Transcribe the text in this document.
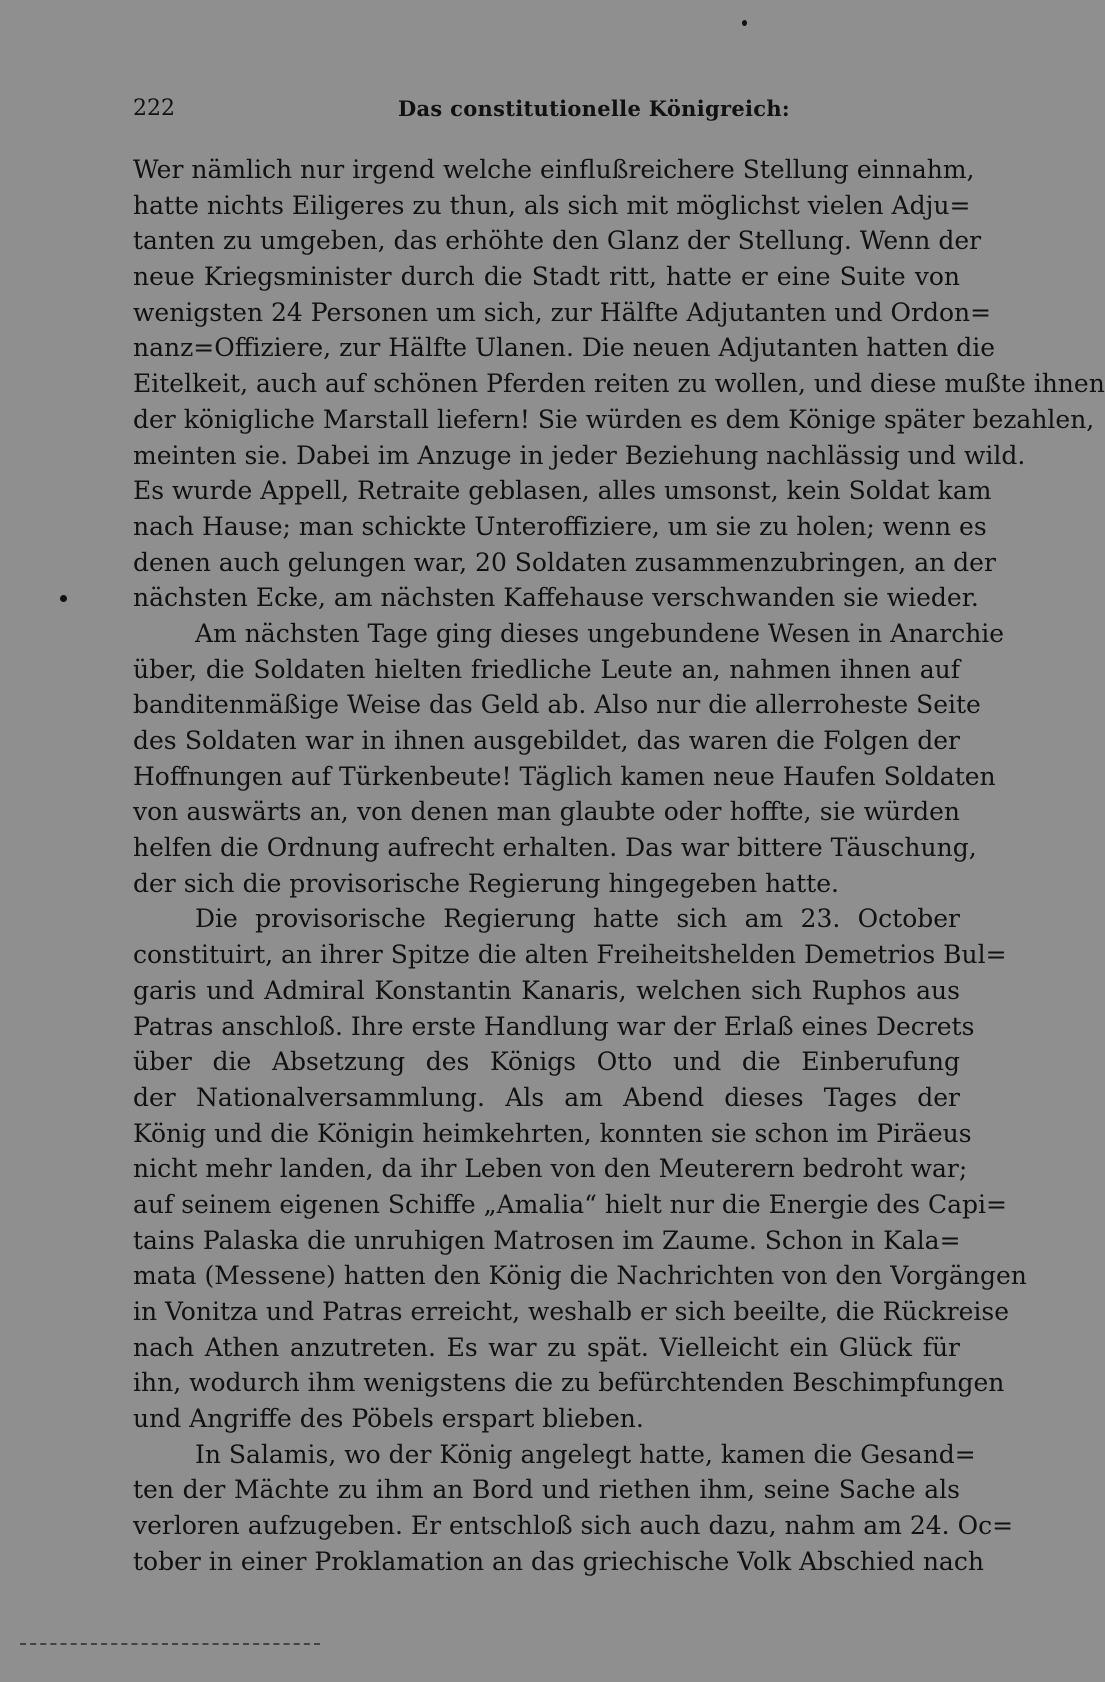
222	Das constitutionelle Königreich:
Wer nämlich nur irgend welche einflußreichere Stellung einnahm,
hatte nichts Eiligeres zu thun, als sich mit möglichst vielen Adju=
tanten zu umgeben, das erhöhte den Glanz der Stellung. Wenn der
neue Kriegsminister durch die Stadt ritt, hatte er eine Suite von
wenigsten 24 Personen um sich, zur Hälfte Adjutanten und Ordon=
nanz=Offiziere, zur Hälfte Ulanen. Die neuen Adjutanten hatten die
Eitelkeit, auch auf schönen Pferden reiten zu wollen, und diese mußte ihnen
der königliche Marstall liefern! Sie würden es dem Könige später bezahlen,
meinten sie. Dabei im Anzuge in jeder Beziehung nachlässig und wild.
Es wurde Appell, Retraite geblasen, alles umsonst, kein Soldat kam
nach Hause; man schickte Unteroffiziere, um sie zu holen; wenn es
denen auch gelungen war, 20 Soldaten zusammenzubringen, an der
nächsten Ecke, am nächsten Kaffehause verschwanden sie wieder.
Am nächsten Tage ging dieses ungebundene Wesen in Anarchie
über, die Soldaten hielten friedliche Leute an, nahmen ihnen auf
banditenmäßige Weise das Geld ab. Also nur die allerroheste Seite
des Soldaten war in ihnen ausgebildet, das waren die Folgen der
Hoffnungen auf Türkenbeute! Täglich kamen neue Haufen Soldaten
von auswärts an, von denen man glaubte oder hoffte, sie würden
helfen die Ordnung aufrecht erhalten. Das war bittere Täuschung,
der sich die provisorische Regierung hingegeben hatte.
Die provisorische Regierung hatte sich am 23. October
constituirt, an ihrer Spitze die alten Freiheitshelden Demetrios Bul=
garis und Admiral Konstantin Kanaris, welchen sich Ruphos aus
Patras anschloß. Ihre erste Handlung war der Erlaß eines Decrets
über die Absetzung des Königs Otto und die Einberufung
der Nationalversammlung. Als am Abend dieses Tages der
König und die Königin heimkehrten, konnten sie schon im Piräeus
nicht mehr landen, da ihr Leben von den Meuterern bedroht war;
auf seinem eigenen Schiffe „Amalia“ hielt nur die Energie des Capi=
tains Palaska die unruhigen Matrosen im Zaume. Schon in Kala=
mata (Messene) hatten den König die Nachrichten von den Vorgängen
in Vonitza und Patras erreicht, weshalb er sich beeilte, die Rückreise
nach Athen anzutreten. Es war zu spät. Vielleicht ein Glück für
ihn, wodurch ihm wenigstens die zu befürchtenden Beschimpfungen
und Angriffe des Pöbels erspart blieben.
In Salamis, wo der König angelegt hatte, kamen die Gesand=
ten der Mächte zu ihm an Bord und riethen ihm, seine Sache als
verloren aufzugeben. Er entschloß sich auch dazu, nahm am 24. Oc=
tober in einer Proklamation an das griechische Volk Abschied nach
